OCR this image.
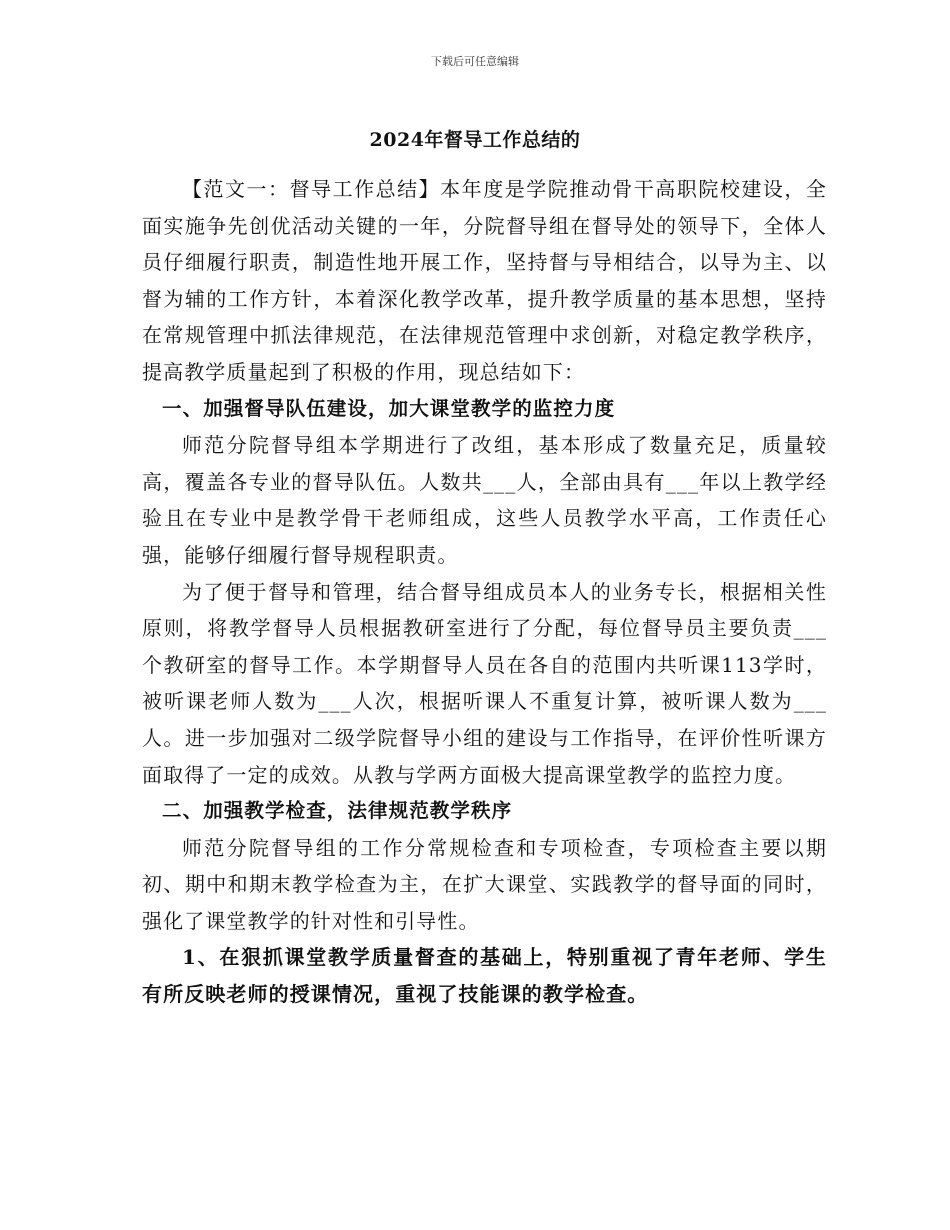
下载后可任意编辑
2024年督导工作总结的

【范文一：督导工作总结】本年度是学院推动骨干高职院校建设，全面实施争先创优活动关键的一年，分院督导组在督导处的领导下，全体人员仔细履行职责，制造性地开展工作，坚持督与导相结合，以导为主、以督为辅的工作方针，本着深化教学改革，提升教学质量的基本思想，坚持在常规管理中抓法律规范，在法律规范管理中求创新，对稳定教学秩序，提高教学质量起到了积极的作用，现总结如下：

一、加强督导队伍建设，加大课堂教学的监控力度

师范分院督导组本学期进行了改组，基本形成了数量充足，质量较高，覆盖各专业的督导队伍。人数共___人，全部由具有___年以上教学经验且在专业中是教学骨干老师组成，这些人员教学水平高，工作责任心强，能够仔细履行督导规程职责。

为了便于督导和管理，结合督导组成员本人的业务专长，根据相关性原则，将教学督导人员根据教研室进行了分配，每位督导员主要负责___个教研室的督导工作。本学期督导人员在各自的范围内共听课113学时，被听课老师人数为___人次，根据听课人不重复计算，被听课人数为___人。进一步加强对二级学院督导小组的建设与工作指导，在评价性听课方面取得了一定的成效。从教与学两方面极大提高课堂教学的监控力度。

二、加强教学检查，法律规范教学秩序

师范分院督导组的工作分常规检查和专项检查，专项检查主要以期初、期中和期末教学检查为主，在扩大课堂、实践教学的督导面的同时，强化了课堂教学的针对性和引导性。

1、在狠抓课堂教学质量督查的基础上，特别重视了青年老师、学生有所反映老师的授课情况，重视了技能课的教学检查。
